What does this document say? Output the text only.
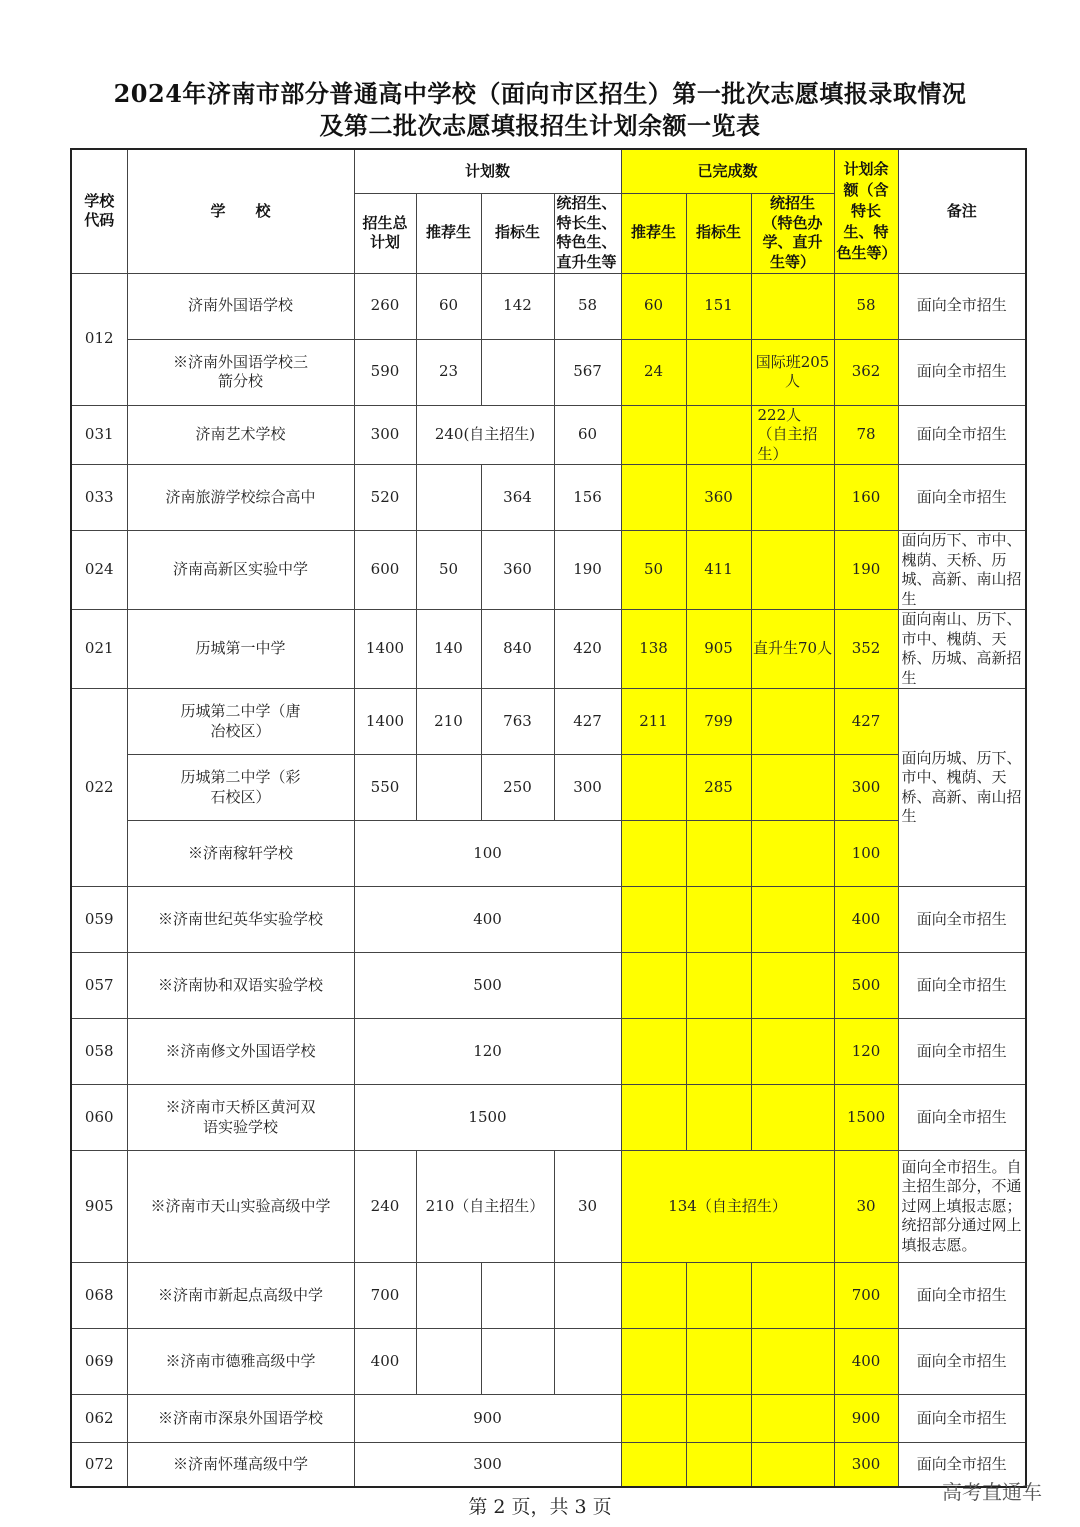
2024年济南市部分普通高中学校（面向市区招生）第一批次志愿填报录取情况
及第二批次志愿填报招生计划余额一览表
学校代码	学　　校	计划数				已完成数			计划余额（含特长生、特色生等）	备注
		招生总计划	推荐生	指标生	统招生、特长生、特色生、直升生等	推荐生	指标生	统招生（特色办学、直升生等）		
012	济南外国语学校	260	60	142	58	60	151		58	面向全市招生
	※济南外国语学校三箭分校	590	23		567	24		国际班205人	362	面向全市招生
031	济南艺术学校	300	240(自主招生)		60			222人（自主招生）	78	面向全市招生
033	济南旅游学校综合高中	520		364	156		360		160	面向全市招生
024	济南高新区实验中学	600	50	360	190	50	411		190	面向历下、市中、槐荫、天桥、历城、高新、南山招生
021	历城第一中学	1400	140	840	420	138	905	直升生70人	352	面向南山、历下、市中、槐荫、天桥、历城、高新招生
022	历城第二中学（唐冶校区）	1400	210	763	427	211	799		427	面向历城、历下、市中、槐荫、天桥、高新、南山招生
	历城第二中学（彩石校区）	550		250	300		285		300	
	※济南稼轩学校	100							100	
059	※济南世纪英华实验学校	400							400	面向全市招生
057	※济南协和双语实验学校	500							500	面向全市招生
058	※济南修文外国语学校	120							120	面向全市招生
060	※济南市天桥区黄河双语实验学校	1500							1500	面向全市招生
905	※济南市天山实验高级中学	240	210（自主招生）		30	134（自主招生）			30	面向全市招生。自主招生部分，不通过网上填报志愿；统招部分通过网上填报志愿。
068	※济南市新起点高级中学	700							700	面向全市招生
069	※济南市德雅高级中学	400							400	面向全市招生
062	※济南市深泉外国语学校	900							900	面向全市招生
072	※济南怀瑾高级中学	300							300	面向全市招生
高考直通车
第 2 页，共 3 页
